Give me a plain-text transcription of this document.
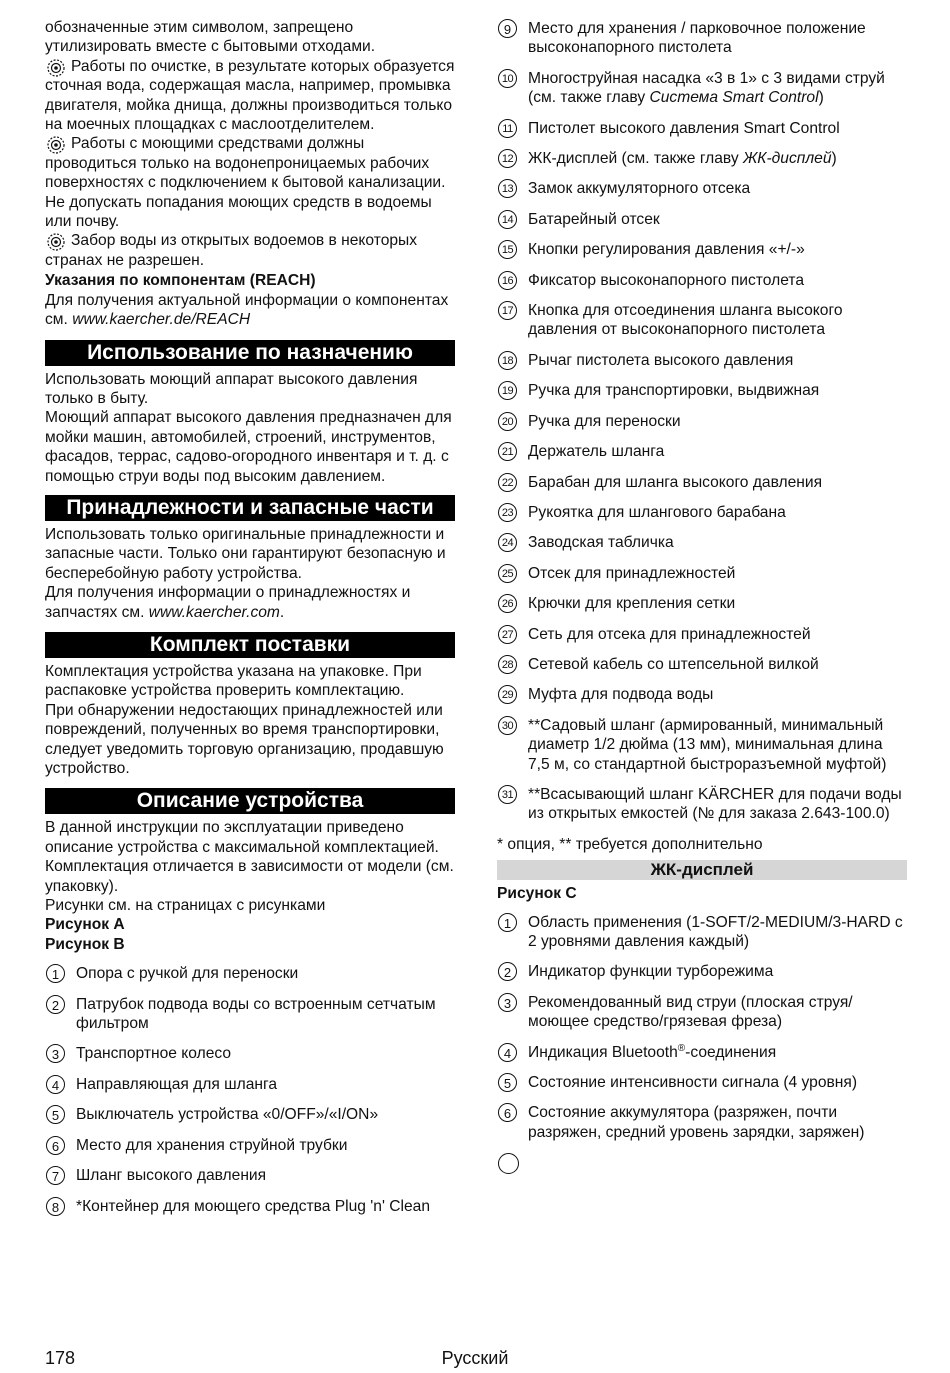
обозначенные этим символом, запрещено
утилизировать вместе с бытовыми отходами.

Работы по очистке, в результате которых образуется сточная вода, содержащая масла, например, промывка двигателя, мойка днища, должны производиться только на моечных площадках с маслоотделителем.

Работы с моющими средствами должны проводиться только на водонепроницаемых рабочих поверхностях с подключением к бытовой канализации. Не допускать попадания моющих средств в водоемы или почву.

Забор воды из открытых водоемов в некоторых странах не разрешен.

Указания по компонентам (REACH)

Для получения актуальной информации о компонентах см. www.kaercher.de/REACH

Использование по назначению

Использовать моющий аппарат высокого давления только в быту.

Моющий аппарат высокого давления предназначен для мойки машин, автомобилей, строений, инструментов, фасадов, террас, садово-огородного инвентаря и т. д. с помощью струи воды под высоким давлением.

Принадлежности и запасные части

Использовать только оригинальные принадлежности и запасные части. Только они гарантируют безопасную и бесперебойную работу устройства.

Для получения информации о принадлежностях и запчастях см. www.kaercher.com.

Комплект поставки

Комплектация устройства указана на упаковке. При распаковке устройства проверить комплектацию.

При обнаружении недостающих принадлежностей или повреждений, полученных во время транспортировки, следует уведомить торговую организацию, продавшую устройство.

Описание устройства

В данной инструкции по эксплуатации приведено описание устройства с максимальной комплектацией. Комплектация отличается в зависимости от модели (см. упаковку).

Рисунки см. на страницах с рисунками

Рисунок А

Рисунок В

1	Опора с ручкой для переноски
2	Патрубок подвода воды со встроенным сетчатым фильтром
3	Транспортное колесо
4	Направляющая для шланга
5	Выключатель устройства «0/OFF»/«I/ON»
6	Место для хранения струйной трубки
7	Шланг высокого давления
8	*Контейнер для моющего средства Plug 'n' Clean
9	Место для хранения / парковочное положение высоконапорного пистолета
10 Многоструйная насадка «3 в 1» с 3 видами струй (см. также главу Система Smart Control)
11 Пистолет высокого давления Smart Control
12 ЖК-дисплей (см. также главу ЖК-дисплей)
13 Замок аккумуляторного отсека
14 Батарейный отсек
15 Кнопки регулирования давления «+/-»
16 Фиксатор высоконапорного пистолета
17 Кнопка для отсоединения шланга высокого давления от высоконапорного пистолета
18 Рычаг пистолета высокого давления
19 Ручка для транспортировки, выдвижная
20 Ручка для переноски
21 Держатель шланга
22 Барабан для шланга высокого давления
23 Рукоятка для шлангового барабана
24 Заводская табличка
25 Отсек для принадлежностей
26 Крючки для крепления сетки
27 Сеть для отсека для принадлежностей
28 Сетевой кабель со штепсельной вилкой
29 Муфта для подвода воды
30 **Садовый шланг (армированный, минимальный диаметр 1/2 дюйма (13 мм), минимальная длина 7,5 м, со стандартной быстроразъемной муфтой)
31 **Всасывающий шланг KÄRCHER для подачи воды из открытых емкостей (№ для заказа 2.643-100.0)

* опция, ** требуется дополнительно

ЖК-дисплей

Рисунок С

1	Область применения (1-SOFT/2-MEDIUM/3-HARD с 2 уровнями давления каждый)
2	Индикатор функции турборежима
3	Рекомендованный вид струи (плоская струя/ моющее средство/грязевая фреза)
4	Индикация Bluetooth®-соединения
5	Состояние интенсивности сигнала (4 уровня)
6	Состояние аккумулятора (разряжен, почти разряжен, средний уровень зарядки, заряжен)
178	Русский
